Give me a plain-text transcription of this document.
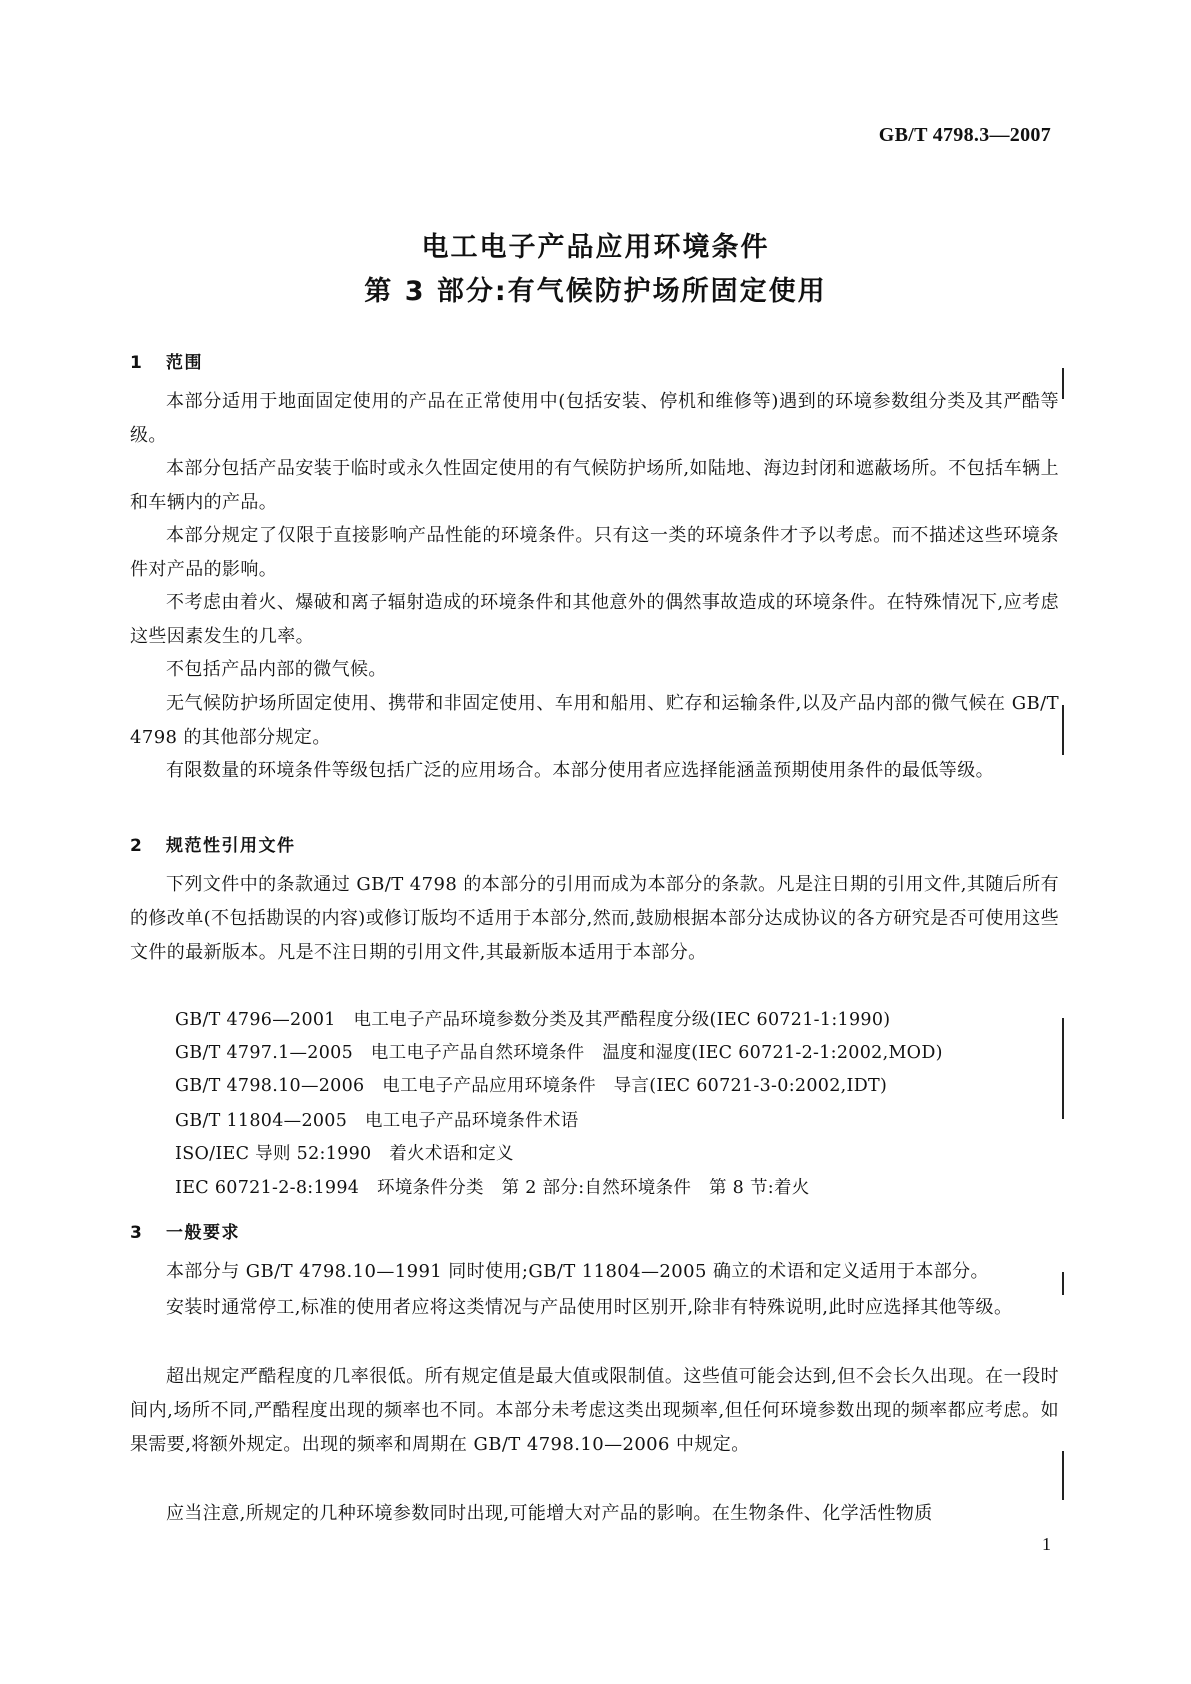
GB/T 4798.3—2007
电工电子产品应用环境条件
第 3 部分:有气候防护场所固定使用
1 范围
本部分适用于地面固定使用的产品在正常使用中(包括安装、停机和维修等)遇到的环境参数组分类及其严酷等级。
本部分包括产品安装于临时或永久性固定使用的有气候防护场所,如陆地、海边封闭和遮蔽场所。不包括车辆上和车辆内的产品。
本部分规定了仅限于直接影响产品性能的环境条件。只有这一类的环境条件才予以考虑。而不描述这些环境条件对产品的影响。
不考虑由着火、爆破和离子辐射造成的环境条件和其他意外的偶然事故造成的环境条件。在特殊情况下,应考虑这些因素发生的几率。
不包括产品内部的微气候。
无气候防护场所固定使用、携带和非固定使用、车用和船用、贮存和运输条件,以及产品内部的微气候在 GB/T 4798 的其他部分规定。
有限数量的环境条件等级包括广泛的应用场合。本部分使用者应选择能涵盖预期使用条件的最低等级。
2 规范性引用文件
下列文件中的条款通过 GB/T 4798 的本部分的引用而成为本部分的条款。凡是注日期的引用文件,其随后所有的修改单(不包括勘误的内容)或修订版均不适用于本部分,然而,鼓励根据本部分达成协议的各方研究是否可使用这些文件的最新版本。凡是不注日期的引用文件,其最新版本适用于本部分。
GB/T 4796—2001　电工电子产品环境参数分类及其严酷程度分级(IEC 60721-1:1990)
GB/T 4797.1—2005　电工电子产品自然环境条件　温度和湿度(IEC 60721-2-1:2002,MOD)
GB/T 4798.10—2006　电工电子产品应用环境条件　导言(IEC 60721-3-0:2002,IDT)
GB/T 11804—2005　电工电子产品环境条件术语
ISO/IEC 导则 52:1990　着火术语和定义
IEC 60721-2-8:1994　环境条件分类　第 2 部分:自然环境条件　第 8 节:着火
3 一般要求
本部分与 GB/T 4798.10—1991 同时使用;GB/T 11804—2005 确立的术语和定义适用于本部分。
安装时通常停工,标准的使用者应将这类情况与产品使用时区别开,除非有特殊说明,此时应选择其他等级。
超出规定严酷程度的几率很低。所有规定值是最大值或限制值。这些值可能会达到,但不会长久出现。在一段时间内,场所不同,严酷程度出现的频率也不同。本部分未考虑这类出现频率,但任何环境参数出现的频率都应考虑。如果需要,将额外规定。出现的频率和周期在 GB/T 4798.10—2006 中规定。
应当注意,所规定的几种环境参数同时出现,可能增大对产品的影响。在生物条件、化学活性物质
1
